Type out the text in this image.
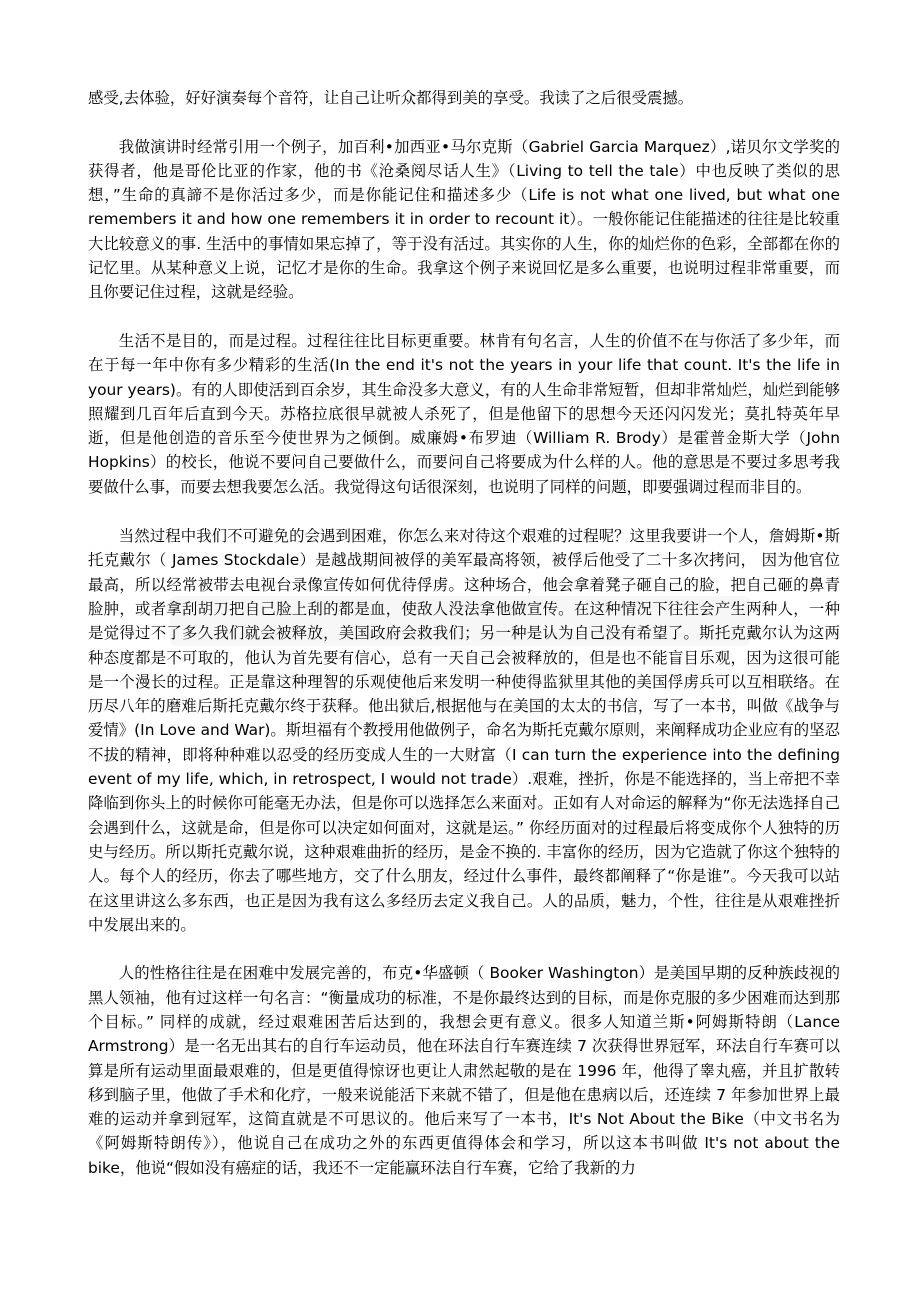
感受,去体验，好好演奏每个音符，让自己让听众都得到美的享受。我读了之后很受震撼。

我做演讲时经常引用一个例子，加百利•加西亚•马尔克斯（Gabriel Garcia Marquez）,诺贝尔文学奖的获得者，他是哥伦比亚的作家，他的书《沧桑阅尽话人生》（Living to tell the tale）中也反映了类似的思想，”生命的真諦不是你活过多少，而是你能记住和描述多少（Life is not what one lived, but what one remembers it and how one remembers it in order to recount it）。一般你能记住能描述的往往是比较重大比较意义的事. 生活中的事情如果忘掉了，等于没有活过。其实你的人生，你的灿烂你的色彩，全部都在你的记忆里。从某种意义上说，记忆才是你的生命。我拿这个例子来说回忆是多么重要，也说明过程非常重要，而且你要记住过程，这就是经验。

生活不是目的，而是过程。过程往往比目标更重要。林肯有句名言，人生的价值不在与你活了多少年，而在于每一年中你有多少精彩的生活(In the end it's not the years in your life that count. It's the life in your years)。有的人即使活到百余岁，其生命没多大意义，有的人生命非常短暂，但却非常灿烂，灿烂到能够照耀到几百年后直到今天。苏格拉底很早就被人杀死了，但是他留下的思想今天还闪闪发光；莫扎特英年早逝，但是他创造的音乐至今使世界为之倾倒。威廉姆•布罗迪（William R. Brody）是霍普金斯大学（John Hopkins）的校长，他说不要问自己要做什么，而要问自己将要成为什么样的人。他的意思是不要过多思考我要做什么事，而要去想我要怎么活。我觉得这句话很深刻，也说明了同样的问题，即要强调过程而非目的。

当然过程中我们不可避免的会遇到困难，你怎么来对待这个艰难的过程呢？这里我要讲一个人，詹姆斯•斯托克戴尔（ James Stockdale）是越战期间被俘的美军最高将领，被俘后他受了二十多次拷问， 因为他官位最高，所以经常被带去电视台录像宣传如何优待俘虏。这种场合，他会拿着凳子砸自己的脸，把自己砸的鼻青脸肿，或者拿刮胡刀把自己脸上刮的都是血，使敌人没法拿他做宣传。在这种情况下往往会产生两种人，一种是觉得过不了多久我们就会被释放，美国政府会救我们；另一种是认为自己没有希望了。斯托克戴尔认为这两种态度都是不可取的，他认为首先要有信心，总有一天自己会被释放的，但是也不能盲目乐观，因为这很可能是一个漫长的过程。正是靠这种理智的乐观使他后来发明一种使得监狱里其他的美国俘虏兵可以互相联络。在历尽八年的磨难后斯托克戴尔终于获释。他出狱后,根据他与在美国的太太的书信，写了一本书，叫做《战争与爱情》(In Love and War)。斯坦福有个教授用他做例子，命名为斯托克戴尔原则，来阐释成功企业应有的坚忍不拔的精神，即将种种难以忍受的经历变成人生的一大财富（I can turn the experience into the defining event of my life, which, in retrospect, I would not trade）.艰难，挫折，你是不能选择的，当上帝把不幸降临到你头上的时候你可能毫无办法，但是你可以选择怎么来面对。正如有人对命运的解释为“你无法选择自己会遇到什么，这就是命，但是你可以决定如何面对，这就是运。” 你经历面对的过程最后将变成你个人独特的历史与经历。所以斯托克戴尔说，这种艰难曲折的经历，是金不换的. 丰富你的经历，因为它造就了你这个独特的人。每个人的经历，你去了哪些地方，交了什么朋友，经过什么事件，最终都阐释了“你是谁”。今天我可以站在这里讲这么多东西，也正是因为我有这么多经历去定义我自己。人的品质，魅力，个性，往往是从艰难挫折中发展出来的。

人的性格往往是在困难中发展完善的，布克•华盛顿（ Booker Washington）是美国早期的反种族歧视的黑人领袖，他有过这样一句名言：“衡量成功的标准，不是你最终达到的目标，而是你克服的多少困难而达到那个目标。” 同样的成就，经过艰难困苦后达到的，我想会更有意义。很多人知道兰斯•阿姆斯特朗（Lance Armstrong）是一名无出其右的自行车运动员，他在环法自行车赛连续 7 次获得世界冠军，环法自行车赛可以算是所有运动里面最艰难的，但是更值得惊讶也更让人肃然起敬的是在 1996 年，他得了睾丸癌，并且扩散转移到脑子里，他做了手术和化疗，一般来说能活下来就不错了，但是他在患病以后，还连续 7 年参加世界上最难的运动并拿到冠军，这简直就是不可思议的。他后来写了一本书，It's Not About the Bike（中文书名为《阿姆斯特朗传》），他说自己在成功之外的东西更值得体会和学习，所以这本书叫做 It's not about the bike，他说“假如没有癌症的话，我还不一定能赢环法自行车赛，它给了我新的力
